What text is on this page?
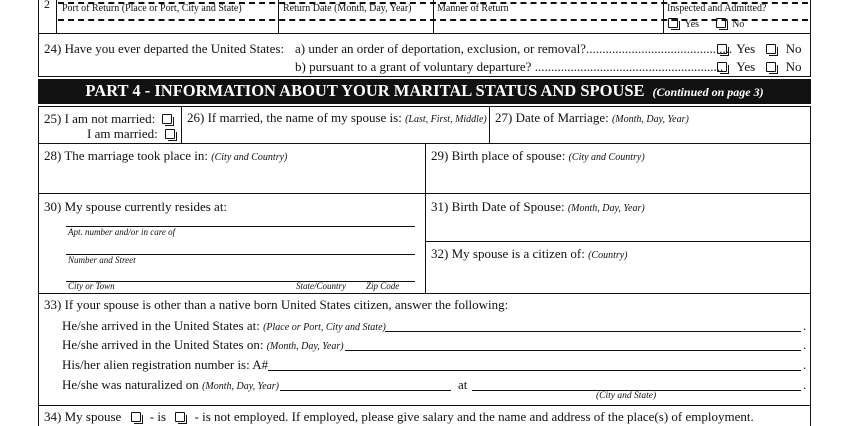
2 Port of Return (Place or Port, City and State)	Return Date (Month, Day, Year)	Manner of Return	Inspected and Admitted?
Yes	No
24) Have you ever departed the United States: a) under an order of deportation, exclusion, or removal?.............................................
b) pursuant to a grant of voluntary departure? ..........................................................
Yes No
Yes No
PART 4 - INFORMATION ABOUT YOUR MARITAL STATUS AND SPOUSE (Continued on page 3)
25) I am not married:
I am married:
26) If married, the name of my spouse is: (Last, First, Middle) 27) Date of Marriage: (Month, Day, Year)
28) The marriage took place in: (City and Country)	29) Birth place of spouse: (City and Country)
30) My spouse currently resides at:
Apt. number and/or in care of
Number and Street
City or Town	State/Country Zip Code
31) Birth Date of Spouse: (Month, Day, Year)
32) My spouse is a citizen of: (Country)
33) If your spouse is other than a native born United States citizen, answer the following:
He/she arrived in the United States at: (Place or Port, City and State)	.
He/she arrived in the United States on: (Month, Day, Year)	.
His/her alien registration number is: A#	.
He/she was naturalized on (Month, Day, Year)	at	.
(City and State)
34) My spouse - is - is not employed. If employed, please give salary and the name and address of the place(s) of employment.
